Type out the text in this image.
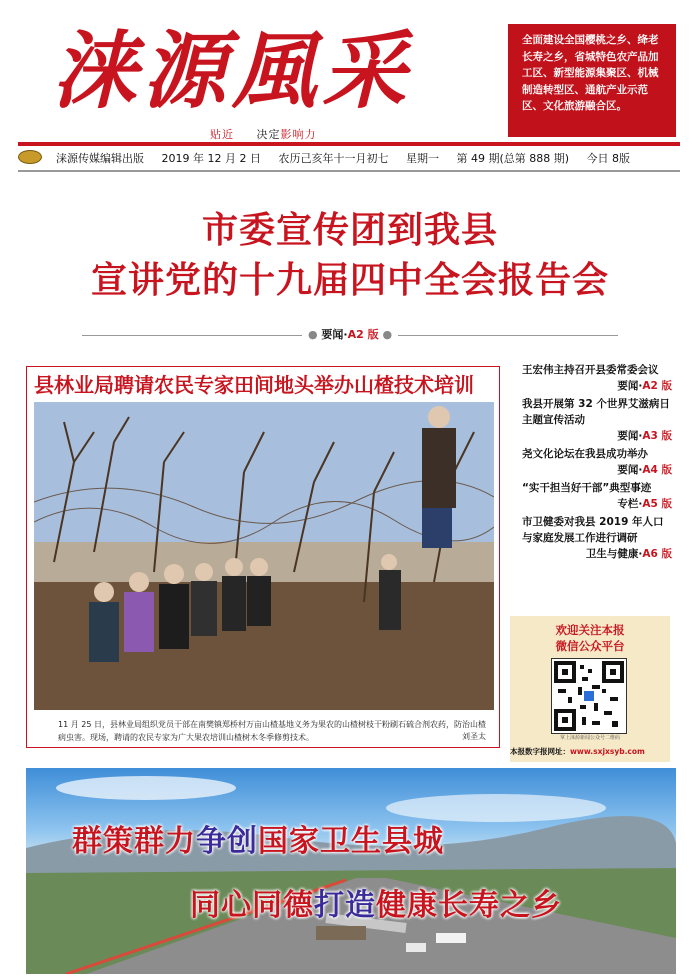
涞源風采
贴近 决定影响力
全面建设全国樱桃之乡、绛老长寿之乡，省城特色农产品加工区、新型能源集聚区、机械制造转型区、通航产业示范区、文化旅游融合区。
涞源传媒编辑出版 2019 年 12 月 2 日 农历己亥年十一月初七 星期一 第 49 期(总第 888 期) 今日 8版
市委宣传团到我县
宣讲党的十九届四中全会报告会
● 要闻·A2 版 ●
县林业局聘请农民专家田间地头举办山楂技术培训
11 月 25 日，县林业局组织党员干部在南樊镇郑桥村万亩山楂基地义务为果农的山楂树枝干粉刷石硫合剂农药，防治山楂病虫害。现场，聘请的农民专家为广大果农培训山楂树木冬季修剪技术。	刘圣太
王宏伟主持召开县委常委会议
要闻·A2 版
我县开展第 32 个世界艾滋病日主题宣传活动
要闻·A3 版
尧文化论坛在我县成功举办
要闻·A4 版
“实干担当好干部”典型事迹
专栏·A5 版
市卫健委对我县 2019 年人口与家庭发展工作进行调研
卫生与健康·A6 版
欢迎关注本报
微信公众平台
掌上涞源新闻公众号二维码
本报数字报网址：www.sxjxsyb.com
群策群力争创国家卫生县城
同心同德打造健康长寿之乡
